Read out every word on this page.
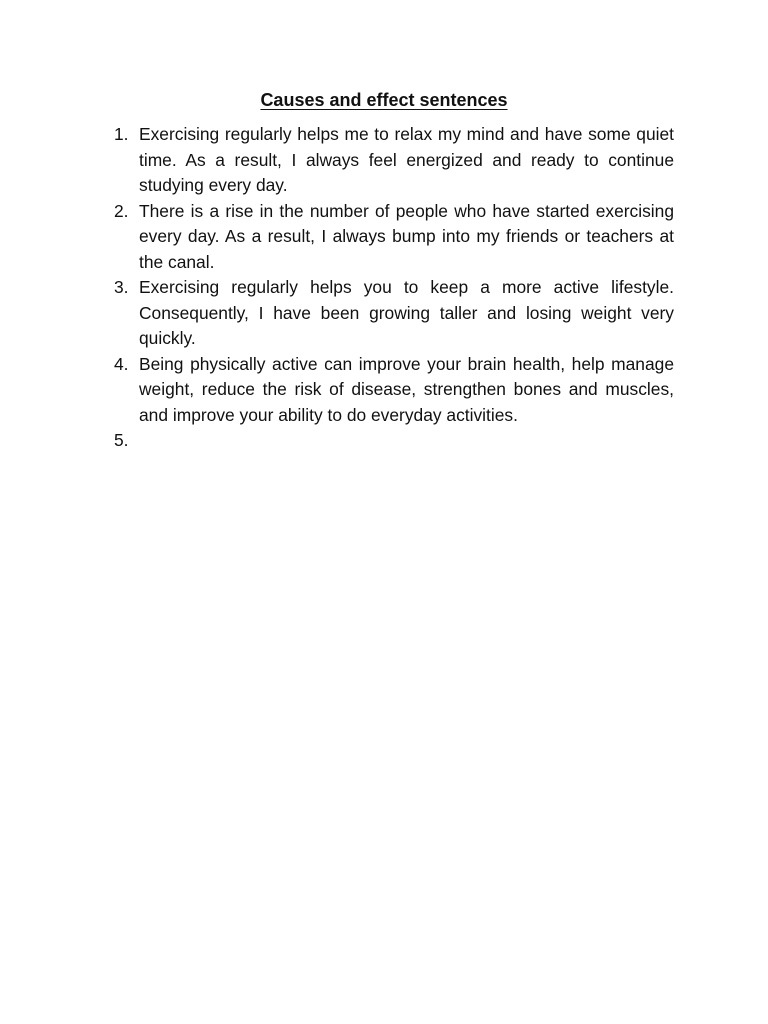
Causes and effect sentences
1. Exercising regularly helps me to relax my mind and have some quiet time. As a result, I always feel energized and ready to continue studying every day.
2. There is a rise in the number of people who have started exercising every day. As a result, I always bump into my friends or teachers at the canal.
3. Exercising regularly helps you to keep a more active lifestyle. Consequently, I have been growing taller and losing weight very quickly.
4. Being physically active can improve your brain health, help manage weight, reduce the risk of disease, strengthen bones and muscles, and improve your ability to do everyday activities.
5.
